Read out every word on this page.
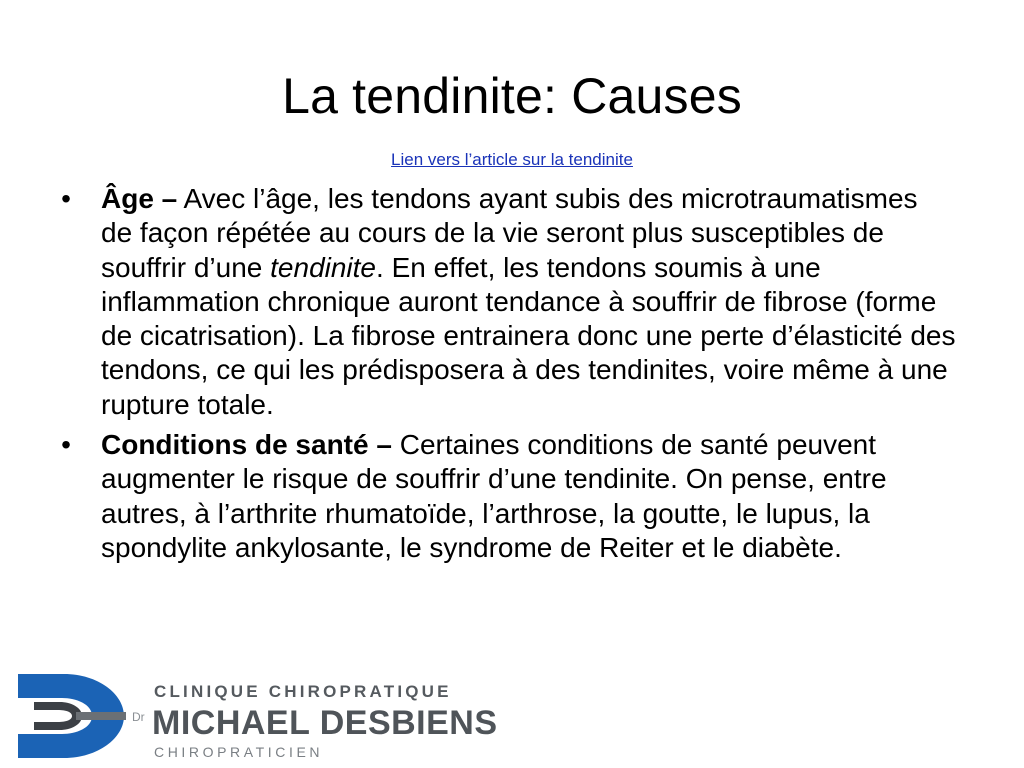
La tendinite: Causes
Lien vers l’article sur la tendinite
• Âge – Avec l’âge, les tendons ayant subis des microtraumatismes de façon répétée au cours de la vie seront plus susceptibles de souffrir d’une tendinite. En effet, les tendons soumis à une inflammation chronique auront tendance à souffrir de fibrose (forme de cicatrisation). La fibrose entrainera donc une perte d’élasticité des tendons, ce qui les prédisposera à des tendinites, voire même à une rupture totale.
• Conditions de santé – Certaines conditions de santé peuvent augmenter le risque de souffrir d’une tendinite. On pense, entre autres, à l’arthrite rhumatoïde, l’arthrose, la goutte, le lupus, la spondylite ankylosante, le syndrome de Reiter et le diabète.
CLINIQUE CHIROPRATIQUE
Dr MICHAEL DESBIENS
CHIROPRATICIEN
